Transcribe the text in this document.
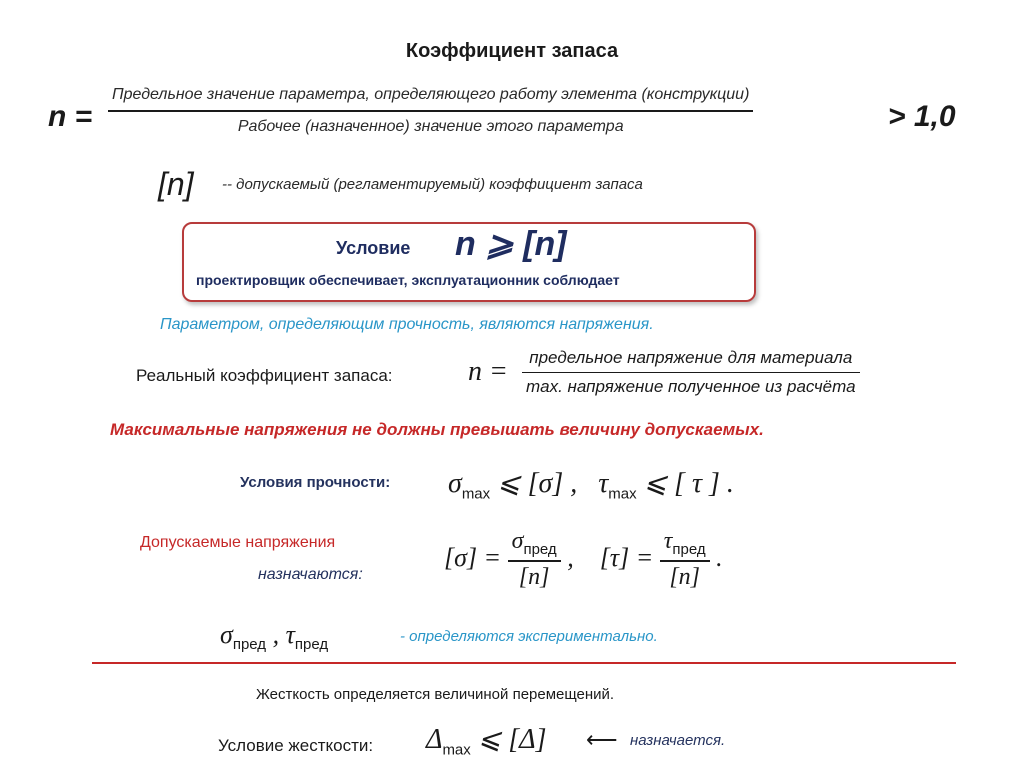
Коэффициент запаса
n =
Предельное значение параметра, определяющего работу элемента (конструкции)
Рабочее (назначенное) значение этого параметра	> 1,0
[n] -- допускаемый (регламентируемый) коэффициент запаса
Условие n ⩾ [n]
проектировщик обеспечивает, эксплуатационник соблюдает
Параметром, определяющим прочность, являются напряжения.
Реальный коэффициент запаса:	n = предельное напряжение для материала
max. напряжение полученное из расчёта
Максимальные напряжения не должны превышать величину допускаемых.
Условия прочности: $\sigma_{max}$ ⩽ [σ] , $\tau_{max}$ ⩽ [ τ ] .
Допускаемые напряжения
назначаются:
$[\sigma] = \frac{\sigma_{пред}}{[n]}$ , $[\tau] = \frac{\tau_{пред}}{[n]}$ .
$\sigma_{пред}$ , $\tau_{пред}$	- определяются экспериментально.
Жесткость определяется величиной перемещений.
Условие жесткости: $\Delta_{max}$ ⩽ [Δ] ⟵ назначается.
